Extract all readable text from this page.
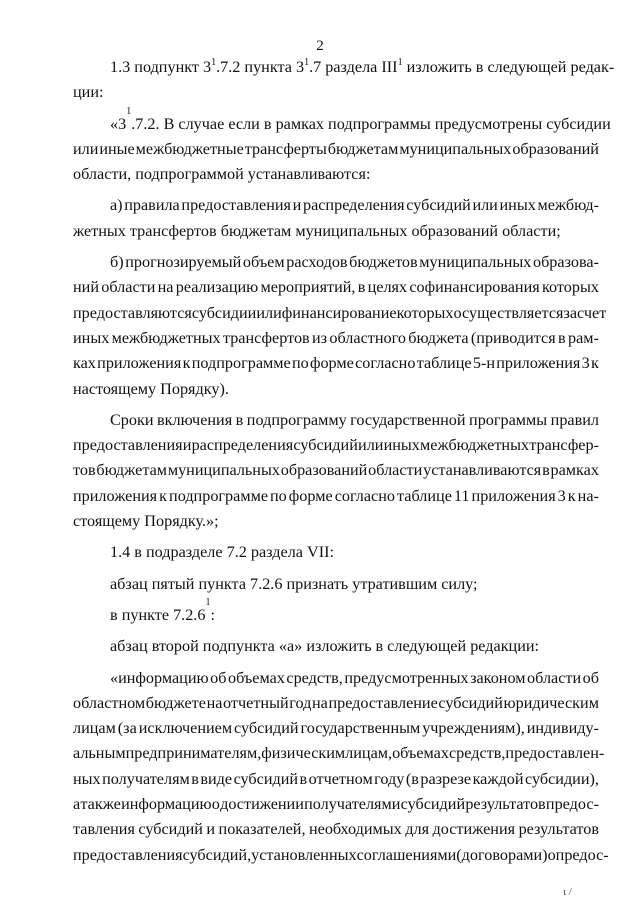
2
1.3 подпункт $3^1.7.2$ пункта $3^1.7$ раздела III$^1$ изложить в следующей редак-
ции:
«3
1
.7.2. В случае если в рамках подпрограммы предусмотрены субсидии
или иные межбюджетные трансферты бюджетам муниципальных образований
области, подпрограммой устанавливаются:
а) правила предоставления и распределения субсидий или иных межбюд-
жетных трансфертов бюджетам муниципальных образований области;
б) прогнозируемый объем расходов бюджетов муниципальных образова-
ний области на реализацию мероприятий, в целях софинансирования которых
предоставляются субсидии или финансирование которых осуществляется за счет
иных межбюджетных трансфертов из областного бюджета (приводится в рам-
ках приложения к подпрограмме по форме согласно таблице 5-н приложения 3 к
настоящему Порядку).
Сроки включения в подпрограмму государственной программы правил
предоставления и распределения субсидий или иных межбюджетных трансфер-
тов бюджетам муниципальных образований области устанавливаются в рамках
приложения к подпрограмме по форме согласно таблице 11 приложения 3 к на-
стоящему Порядку.»;
1.4 в подразделе 7.2 раздела VII:
абзац пятый пункта 7.2.6 признать утратившим силу;
в пункте 7.2.6
1
:
абзац второй подпункта «а» изложить в следующей редакции:
«информацию об объемах средств, предусмотренных законом области об
областном бюджете на отчетный год на предоставление субсидий юридическим
лицам (за исключением субсидий государственным учреждениям), индивиду-
альным предпринимателям, физическим лицам, объемах средств, предоставлен-
ных получателям в виде субсидий в отчетном году (в разрезе каждой субсидии),
а также информацию о достижении получателями субсидий результатов предос-
тавления субсидий и показателей, необходимых для достижения результатов
предоставления субсидий, установленных соглашениями (договорами) о предос-
ι /
